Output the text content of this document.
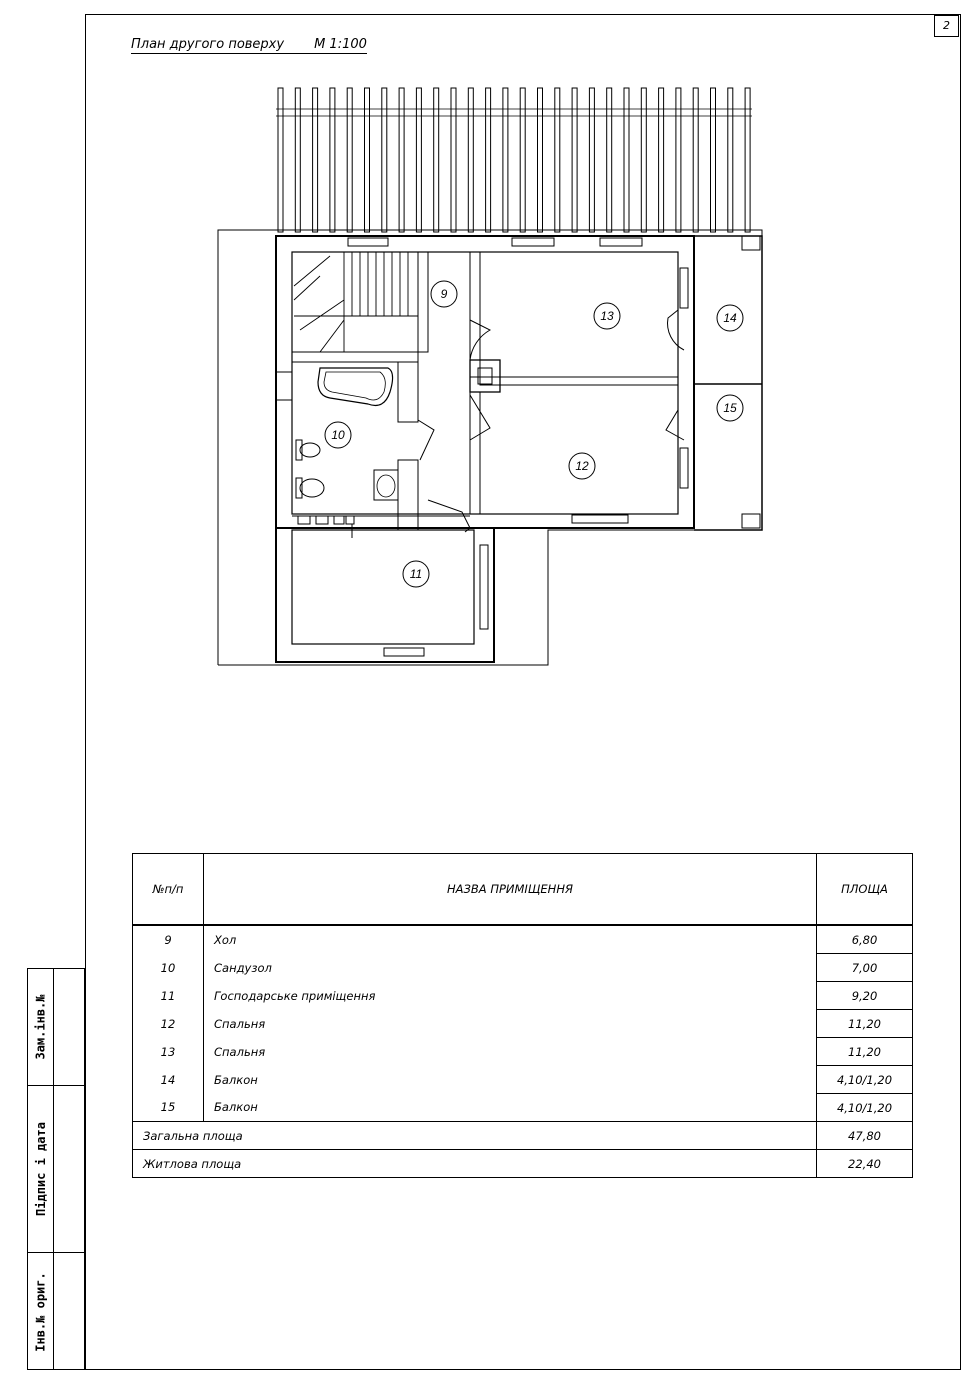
2
План другого поверху М 1:100
9
10
11
12
13	14
15
Зам.інв.№
Підпис і дата
Інв.№ ориг.
№п/п	НАЗВА ПРИМІЩЕННЯ	ПЛОЩА
9	Хол	6,80
10	Сандузол	7,00
11	Господарське приміщення	9,20
12	Спальня	11,20
13	Спальня	11,20
14	Балкон	4,10/1,20
15	Балкон	4,10/1,20
Загальна площа		47,80
Житлова площа		22,40
